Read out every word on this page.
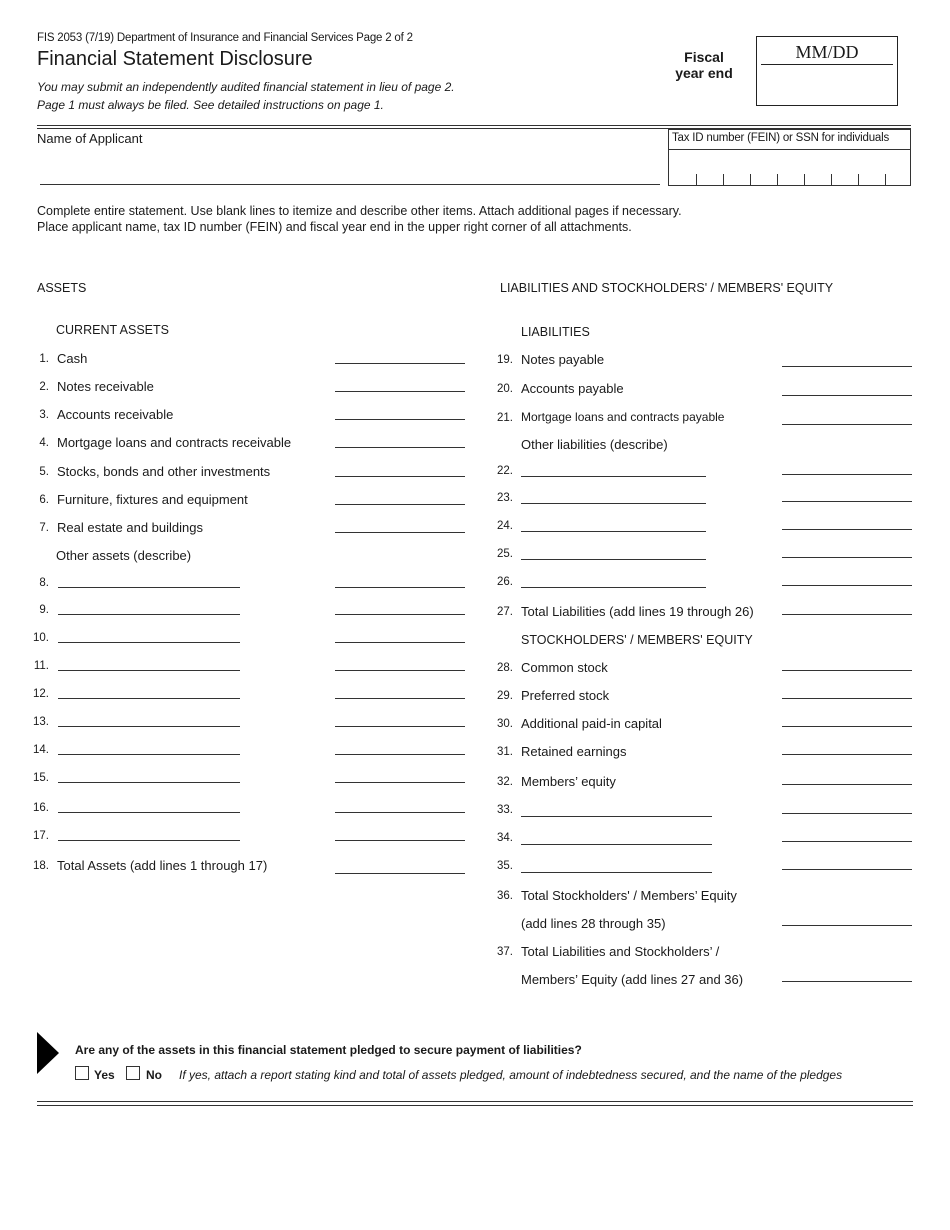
FIS 2053 (7/19) Department of Insurance and Financial Services Page 2 of 2
Financial Statement Disclosure
You may submit an independently audited financial statement in lieu of page 2.
Page 1 must always be filed. See detailed instructions on page 1.
Fiscal
year end
MM/DD
Name of Applicant	Tax ID number (FEIN) or SSN for individuals
Complete entire statement. Use blank lines to itemize and describe other items. Attach additional pages if necessary.
Place applicant name, tax ID number (FEIN) and fiscal year end in the upper right corner of all attachments.
ASSETS	LIABILITIES AND STOCKHOLDERS' / MEMBERS' EQUITY
CURRENT ASSETS	LIABILITIES
1. Cash
2. Notes receivable
3. Accounts receivable
4. Mortgage loans and contracts receivable
5. Stocks, bonds and other investments
6. Furniture, fixtures and equipment
7. Real estate and buildings
Other assets (describe)
8.
9.
10.
11.
12.
13.
14.
15.
16.
17.
18. Total Assets (add lines 1 through 17)
19. Notes payable
20. Accounts payable
21. Mortgage loans and contracts payable
Other liabilities (describe)
22.
23.
24.
25.
26.
27. Total Liabilities (add lines 19 through 26)
STOCKHOLDERS' / MEMBERS' EQUITY
28. Common stock
29. Preferred stock
30. Additional paid-in capital
31. Retained earnings
32. Members’ equity
33.
34.
35.
36. Total Stockholders' / Members’ Equity
(add lines 28 through 35)
37. Total Liabilities and Stockholders’ /
Members’ Equity (add lines 27 and 36)
Are any of the assets in this financial statement pledged to secure payment of liabilities?
Yes	No If yes, attach a report stating kind and total of assets pledged, amount of indebtedness secured, and the name of the pledges
